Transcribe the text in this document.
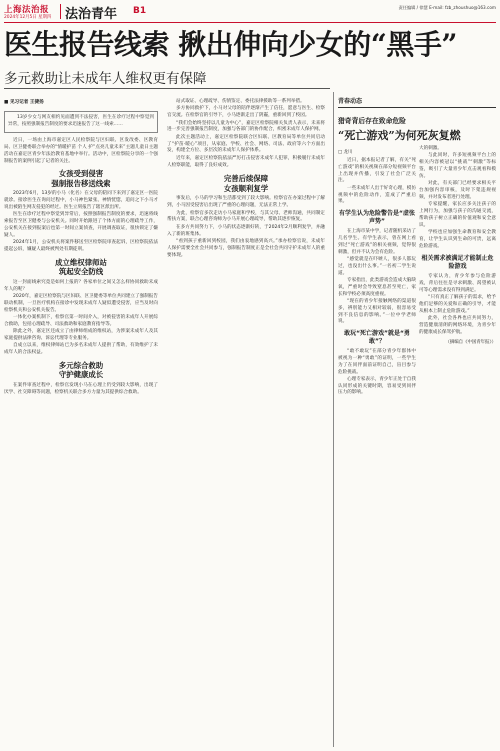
上海法治报
2024年12月5日 星期四 法治青年 B1	责任编辑 / 徐慧 E-mail: fzb_zhoushuo@163.com
医生报告线索 揪出伸向少女的“黑手”
多元救助让未成年人维权更有保障
■ 见习记者 王捷扬

13岁少女与网友相约见面遭到不法侵害，医生在诊疗过程中察觉到异常，按照强制报告制度的要求迅速报告了这一线索……

近日，一场由上海市嘉定区人民检察院与区妇联、区发改委、区教育局、区卫健委联合举办的“情暖护苗 个人 护”点亮儿童未来”主题儿童日主题活动在嘉定区青少年法治教育基地中举行。活动中，区检察院分享的一个强制报告的案例引起了记者的关注。

女孩受到侵害
强制报告移送线索

2023年6月，13岁的小马（化名）在父母的陪同下来到了嘉定区一医院就诊。接诊医生在询问过程中，小马神色紧张、神情恍惚，追问之下小马才说出被陌生网友侵犯的经过。医生立刻报告了辖区派出所。

医生在诊疗过程中察觉到异常后，按照强制报告制度的要求，迅速将线索报告至区卫健委与公安机关。同时开始跟进了个体方面的心理疏导工作，公安机关在接到报案后也第一时间立案侦查，开展调查取证，很快锁定了嫌疑人。

2024年1月，公安机关将案件移送至区检察院审查起诉，区检察院依法提起公诉，嫌疑人最终被判处有期徒刑。

成立维权律师站
筑起安全防线

这一封面线索究竟是如何上报的？各家单位之间又怎么样协同救助未成年人的呢？

2020年，嘉定区检察院与区妇联、区卫健委等单位共同建立了强制报告联动机制，一旦医疗机构在接诊中发现未成年人疑似遭受侵害，应当及时向检察机关和公安机关报告。

一体化办案机制下，检察官第一时间介入，对被侵害的未成年人开展综合救助，包括心理疏导、司法救助和家庭教育指导等。

除此之外，嘉定区还成立了由律师组成的维权站，为涉案未成年人及其家庭提供法律咨询、诉讼代理等专业服务。

自成立以来，维权律师站已为多名未成年人提供了帮助，有效维护了未成年人的合法权益。

多元综合救助
守护健康成长

在案件审查过程中，检察官发现小马在心理上仍受到较大影响，出现了厌学、社交障碍等问题，检察机关联合多方力量为其提供综合救助。

站式取证、心理疏导、伤情鉴定、委托法律援助等一系列举措。

多方协同救护下，小马对父母的陪伴逐渐产生了信任，愿意与医生、检察官交流。在检察官的引导下，小马逐渐走出了阴霾，重新回到了校园。

“我们会始终坚持以儿童为中心”，嘉定区检察院相关负责人表示，未来将进一步完善强制报告制度，加强与各部门的协作配合，织密未成年人保护网。

此次主题活动上，嘉定区检察院联合区妇联、区教育局等单位共同启动了“护苗·暖心”项目，从家庭、学校、社会、网络、司法、政府等六个方面出发，构建全方位、多层次的未成年人保护体系。

近年来，嘉定区检察院依法严厉打击侵害未成年人犯罪，积极履行未成年人检察职能，取得了良好成效。

完善后续保障
女孩顺利复学

事发后，小马的学习和生活都受到了较大影响。检察官在办案过程中了解到，小马因受侵害后出现了严重的心理问题，无法正常上学。

为此，检察官多次走访小马家庭和学校，与其父母、老师沟通，共同制定帮扶方案，联合心理咨询师为小马开展心理疏导，帮助其逐步恢复。

在多方共同努力下，小马的状态逐渐好转，于2024年2月顺利复学，并融入了新的班集体。

“看到孩子重新回到校园，我们由衷地感到高兴。”承办检察官说，未成年人保护需要全社会共同参与，强制报告制度正是全社会共同守护未成年人的重要体现。

青春动态
猎奇背后存在致命危险
“死亡游戏”为何死灰复燃
□ 龙川

近日，据本报记者了解，有关“死亡游戏”的相关视频在部分短视频平台上出现并传播，引发了社会广泛关注。

一些未成年人出于好奇心理，模仿视频中的危险动作，造成了严重后果。

有学生认为危险警告是“虚张声势”

在上海市某中学，记者随机采访了几名学生。有学生表示，曾在网上看到过“死亡游戏”的相关视频，觉得很刺激，但并不认为会有危险。

“感觉就是在吓唬人，很多人都玩过，也没出什么事。”一名初二学生说道。

专家指出，此类游戏会造成大脑缺氧，严重时会导致窒息甚至死亡，家长和学校必须高度重视。

“现在的青少年接触网络的渠道很多，辨别能力又相对较弱，很容易受到不良信息的影响。”一位中学老师说。

敢玩“死亡游戏”就是“勇敢”？

“敢不敢玩”在部分青少年群体中被视为一种“勇敢”的证明，一些学生为了在同伴面前证明自己，盲目参与危险挑战。

心理专家表示，青少年正处于自我认同形成的关键时期，容易受到同伴压力的影响。

大的刺激。

与此同时，许多短视频平台上的相关内容被冠以“挑战”“刺激”等标签，吸引了大量青少年点击观看和模仿。

对此，有关部门已经要求相关平台加强内容审核，及时下架违规视频，并对发布者进行处理。

专家提醒，家长应多关注孩子的上网行为，加强与孩子的沟通交流，帮助孩子树立正确的价值观和安全意识。

学校也应加强生命教育和安全教育，让学生认识到生命的可贵，远离危险游戏。

相关需求被满足才能制止危险游戏

专家认为，青少年参与危险游戏，背后往往是寻求刺激、渴望被认可等心理需求没有得到满足。

“只有真正了解孩子的需求，给予他们足够的关爱和正确的引导，才能从根本上制止危险游戏。”

此外，社会各界也应共同努力，营造健康清朗的网络环境，为青少年的健康成长保驾护航。

（摘编自《中国青年报》）
